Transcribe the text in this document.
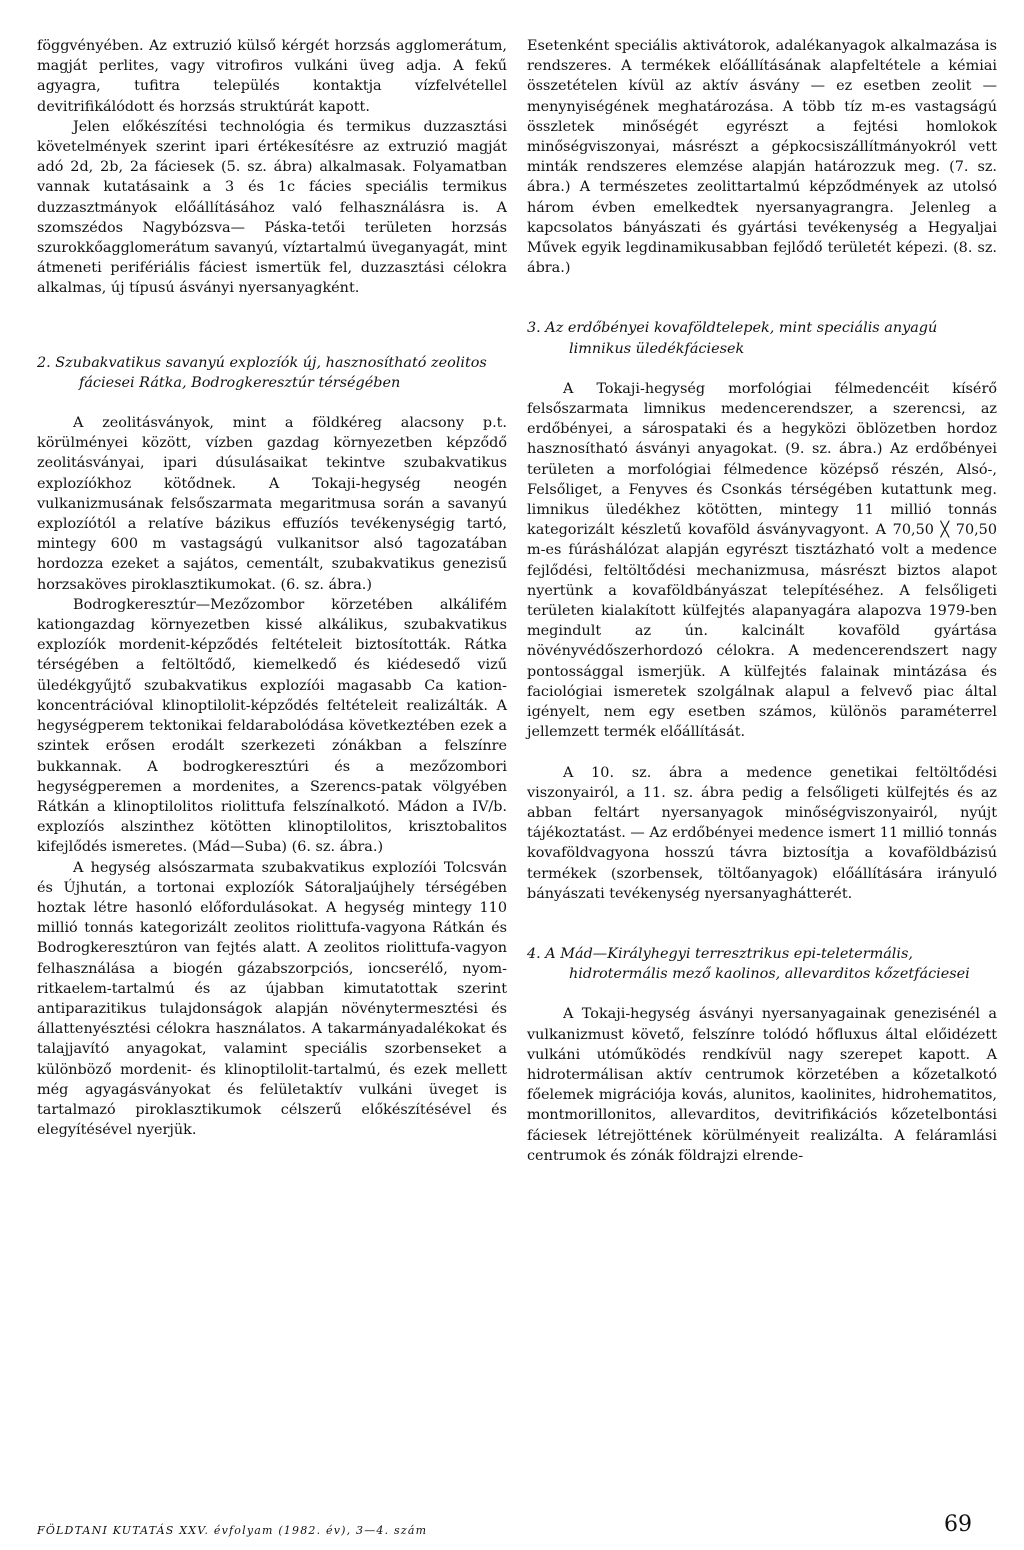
föggvényében. Az extruzió külső kérgét horzsás agglomerátum, magját perlites, vagy vitrofiros vulkáni üveg adja. A fekű agyagra, tufitra település kontaktja vízfelvétellel devitrifikálódott és horzsás struktúrát kapott.

Jelen előkészítési technológia és termikus duzzasztási követelmények szerint ipari értékesítésre az extruzió magját adó 2d, 2b, 2a fáciesek (5. sz. ábra) alkalmasak. Folyamatban vannak kutatásaink a 3 és 1c fácies speciális termikus duzzasztmányok előállításához való felhasználásra is. A szomszédos Nagybózsva— Páska-tetői területen horzsás szurokkőagglomerátum savanyú, víztartalmú üveganyagát, mint átmeneti perifériális fáciest ismertük fel, duzzasztási célokra alkalmas, új típusú ásványi nyersanyagként.

2. Szubakvatikus savanyú explozíók új, hasznosítható zeolitos fáciesei Rátka, Bodrogkeresztúr térségében

A zeolitásványok, mint a földkéreg alacsony p.t. körülményei között, vízben gazdag környezetben képződő zeolitásványai, ipari dúsulásaikat tekintve szubakvatikus explozíókhoz kötődnek. A Tokaji-hegység neogén vulkanizmusának felsőszarmata megaritmusa során a savanyú explozíótól a relatíve bázikus effuzíós tevékenységig tartó, mintegy 600 m vastagságú vulkanitsor alsó tagozatában hordozza ezeket a sajátos, cementált, szubakvatikus genezisű horzsaköves piroklasztikumokat. (6. sz. ábra.)

Bodrogkeresztúr—Mezőzombor körzetében alkálifém kationgazdag környezetben kissé alkálikus, szubakvatikus explozíók mordenit-képződés feltételeit biztosították. Rátka térségében a feltöltődő, kiemelkedő és kiédesedő vizű üledékgyűjtő szubakvatikus explozíói magasabb Ca kation-koncentrációval klinoptilolit-képződés feltételeit realizálták. A hegységperem tektonikai feldarabolódása következtében ezek a szintek erősen erodált szerkezeti zónákban a felszínre bukkannak. A bodrogkeresztúri és a mezőzombori hegységperemen a mordenites, a Szerencs-patak völgyében Rátkán a klinoptilolitos riolittufa felszínalkotó. Mádon a IV/b. explozíós alszinthez kötötten klinoptilolitos, krisztobalitos kifejlődés ismeretes. (Mád—Suba) (6. sz. ábra.)

A hegység alsószarmata szubakvatikus explozíói Tolcsván és Újhután, a tortonai explozíók Sátoraljaújhely térségében hoztak létre hasonló előfordulásokat. A hegység mintegy 110 millió tonnás kategorizált zeolitos riolittufa-vagyona Rátkán és Bodrogkeresztúron van fejtés alatt. A zeolitos riolittufa-vagyon felhasználása a biogén gázabszorpciós, ioncserélő, nyom-ritkaelem-tartalmú és az újabban kimutatottak szerint antiparazitikus tulajdonságok alapján növénytermesztési és állattenyésztési célokra használatos. A takarmányadalékokat és talajjavító anyagokat, valamint speciális szorbenseket a különböző mordenit- és klinoptilolit-tartalmú, és ezek mellett még agyagásványokat és felületaktív vulkáni üveget is tartalmazó piroklasztikumok célszerű előkészítésével és elegyítésével nyerjük.

Esetenként speciális aktivátorok, adalékanyagok alkalmazása is rendszeres. A termékek előállításának alapfeltétele a kémiai összetételen kívül az aktív ásvány — ez esetben zeolit — menynyiségének meghatározása. A több tíz m-es vastagságú összletek minőségét egyrészt a fejtési homlokok minőségviszonyai, másrészt a gépkocsiszállítmányokról vett minták rendszeres elemzése alapján határozzuk meg. (7. sz. ábra.) A természetes zeolittartalmú képződmények az utolsó három évben emelkedtek nyersanyagrangra. Jelenleg a kapcsolatos bányászati és gyártási tevékenység a Hegyaljai Művek egyik legdinamikusabban fejlődő területét képezi. (8. sz. ábra.)

3. Az erdőbényei kovaföldtelepek, mint speciális anyagú limnikus üledékfáciesek

A Tokaji-hegység morfológiai félmedencéit kísérő felsőszarmata limnikus medencerendszer, a szerencsi, az erdőbényei, a sárospataki és a hegyközi öblözetben hordoz hasznosítható ásványi anyagokat. (9. sz. ábra.) Az erdőbényei területen a morfológiai félmedence középső részén, Alsó-, Felsőliget, a Fenyves és Csonkás térségében kutattunk meg. limnikus üledékhez kötötten, mintegy 11 millió tonnás kategorizált készletű kovaföld ásványvagyont. A 70,50 ╳ 70,50 m-es fúráshálózat alapján egyrészt tisztázható volt a medence fejlődési, feltöltődési mechanizmusa, másrészt biztos alapot nyertünk a kovaföldbányászat telepítéséhez. A felsőligeti területen kialakított külfejtés alapanyagára alapozva 1979-ben megindult az ún. kalcinált kovaföld gyártása növényvédőszerhordozó célokra. A medencerendszert nagy pontossággal ismerjük. A külfejtés falainak mintázása és faciológiai ismeretek szolgálnak alapul a felvevő piac által igényelt, nem egy esetben számos, különös paraméterrel jellemzett termék előállítását.

A 10. sz. ábra a medence genetikai feltöltődési viszonyairól, a 11. sz. ábra pedig a felsőligeti külfejtés és az abban feltárt nyersanyagok minőségviszonyairól, nyújt tájékoztatást. — Az erdőbényei medence ismert 11 millió tonnás kovaföldvagyona hosszú távra biztosítja a kovaföldbázisú termékek (szorbensek, töltőanyagok) előállítására irányuló bányászati tevékenység nyersanyaghátterét.

4. A Mád—Királyhegyi terresztrikus epi-teletermális, hidrotermális mező kaolinos, allevarditos kőzetfáciesei

A Tokaji-hegység ásványi nyersanyagainak genezisénél a vulkanizmust követő, felszínre tolódó hőfluxus által előidézett vulkáni utóműködés rendkívül nagy szerepet kapott. A hidrotermálisan aktív centrumok körzetében a kőzetalkotó főelemek migrációja kovás, alunitos, kaolinites, hidrohematitos, montmorillonitos, allevarditos, devitrifikációs kőzetelbontási fáciesek létrejöttének körülményeit realizálta. A feláramlási centrumok és zónák földrajzi elrende-

FÖLDTANI KUTATÁS XXV. évfolyam (1982. év), 3—4. szám	69
